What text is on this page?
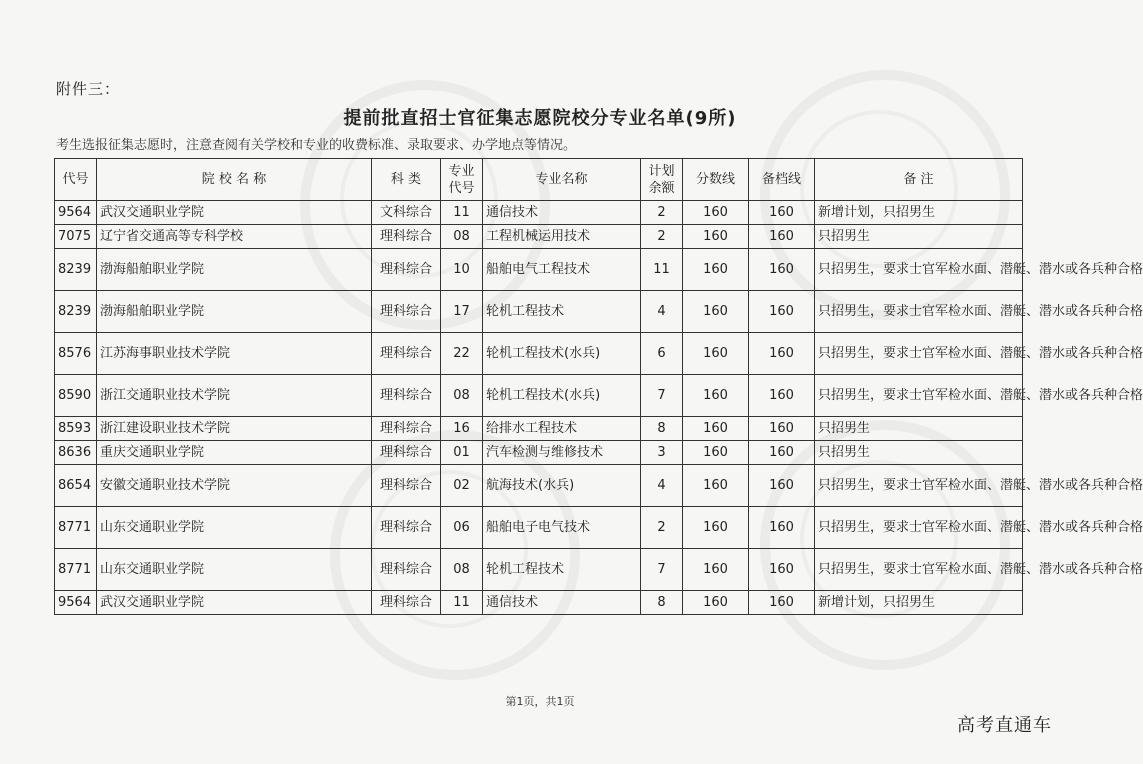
附件三：
提前批直招士官征集志愿院校分专业名单(9所)
考生选报征集志愿时，注意查阅有关学校和专业的收费标准、录取要求、办学地点等情况。
代号	院 校 名 称	科 类	专业代号	专业名称	计划余额	分数线	备档线	备 注
9564	武汉交通职业学院	文科综合	11	通信技术	2	160	160	新增计划，只招男生
7075	辽宁省交通高等专科学校	理科综合	08	工程机械运用技术	2	160	160	只招男生
8239	渤海船舶职业学院	理科综合	10	船舶电气工程技术	11	160	160	只招男生，要求士官军检水面、潜艇、潜水或各兵种合格
8239	渤海船舶职业学院	理科综合	17	轮机工程技术	4	160	160	只招男生，要求士官军检水面、潜艇、潜水或各兵种合格
8576	江苏海事职业技术学院	理科综合	22	轮机工程技术(水兵)	6	160	160	只招男生，要求士官军检水面、潜艇、潜水或各兵种合格
8590	浙江交通职业技术学院	理科综合	08	轮机工程技术(水兵)	7	160	160	只招男生，要求士官军检水面、潜艇、潜水或各兵种合格
8593	浙江建设职业技术学院	理科综合	16	给排水工程技术	8	160	160	只招男生
8636	重庆交通职业学院	理科综合	01	汽车检测与维修技术	3	160	160	只招男生
8654	安徽交通职业技术学院	理科综合	02	航海技术(水兵)	4	160	160	只招男生，要求士官军检水面、潜艇、潜水或各兵种合格
8771	山东交通职业学院	理科综合	06	船舶电子电气技术	2	160	160	只招男生，要求士官军检水面、潜艇、潜水或各兵种合格
8771	山东交通职业学院	理科综合	08	轮机工程技术	7	160	160	只招男生，要求士官军检水面、潜艇、潜水或各兵种合格
9564	武汉交通职业学院	理科综合	11	通信技术	8	160	160	新增计划，只招男生
第1页，共1页
高考直通车
